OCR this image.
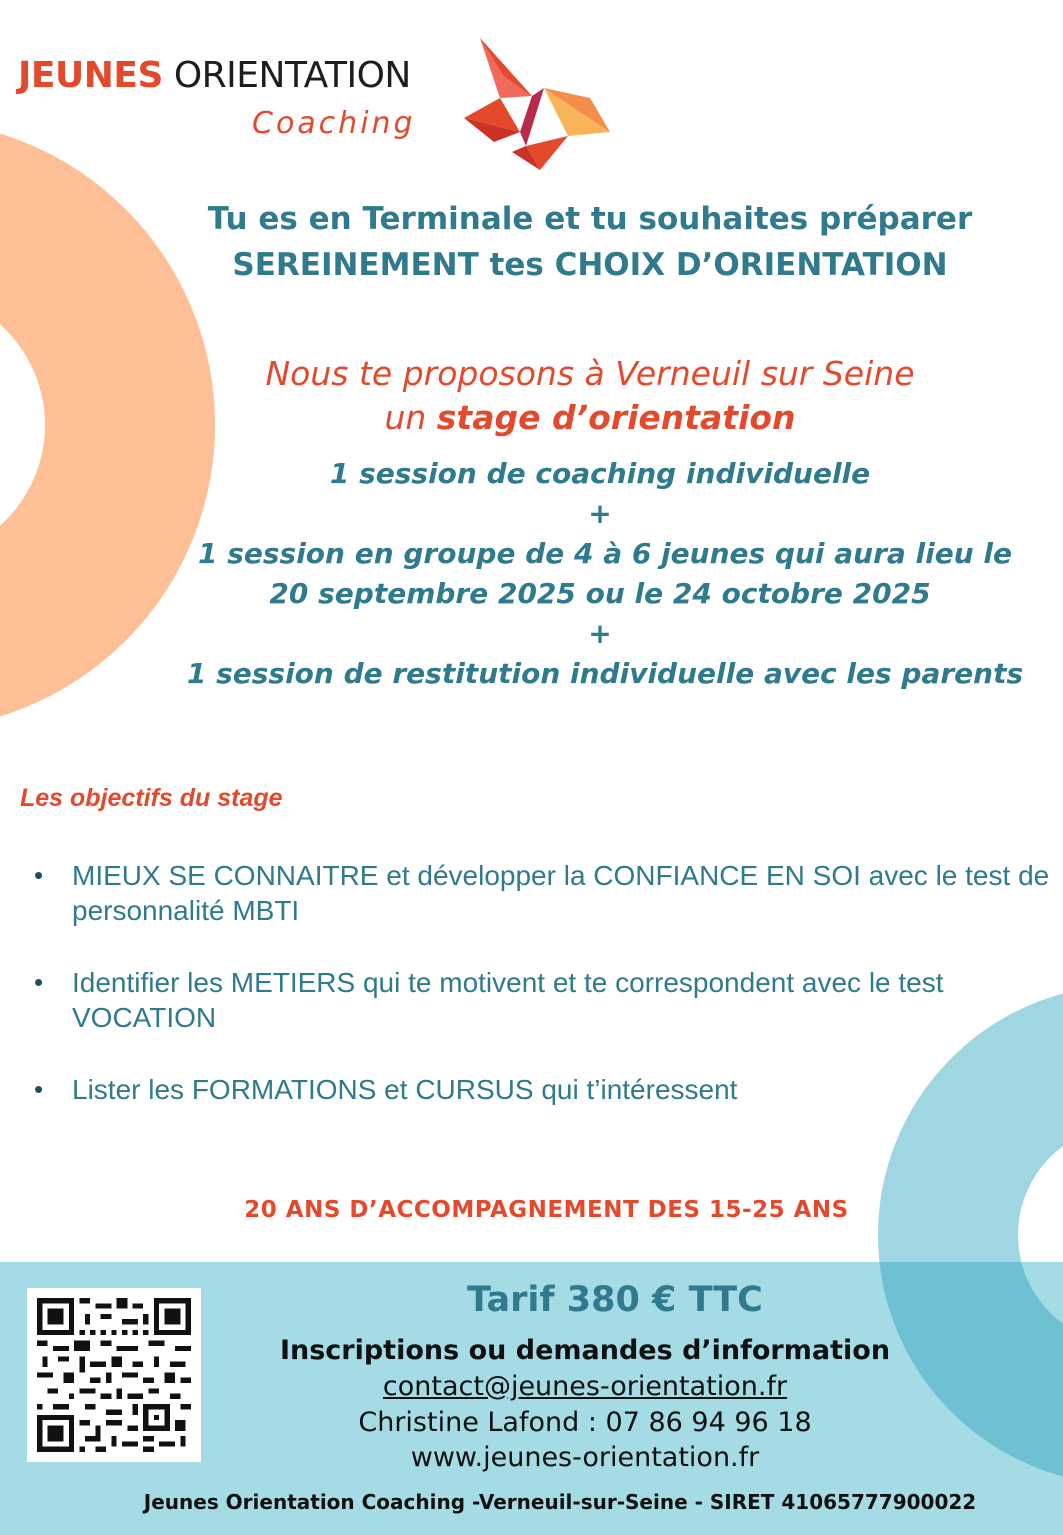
JEUNES ORIENTATION
Coaching
Tu es en Terminale et tu souhaites préparer
SEREINEMENT tes CHOIX D’ORIENTATION
Nous te proposons à Verneuil sur Seine
un stage d’orientation
1 session de coaching individuelle
+
1 session en groupe de 4 à 6 jeunes qui aura lieu le
20 septembre 2025 ou le 24 octobre 2025
+
1 session de restitution individuelle avec les parents
Les objectifs du stage
• MIEUX SE CONNAITRE et développer la CONFIANCE EN SOI avec le test de personnalité MBTI
• Identifier les METIERS qui te motivent et te correspondent avec le test VOCATION
• Lister les FORMATIONS et CURSUS qui t’intéressent
20 ANS D’ACCOMPAGNEMENT DES 15-25 ANS
Tarif 380 € TTC
Inscriptions ou demandes d’information
contact@jeunes-orientation.fr
Christine Lafond : 07 86 94 96 18
www.jeunes-orientation.fr
Jeunes Orientation Coaching -Verneuil-sur-Seine - SIRET 41065777900022
